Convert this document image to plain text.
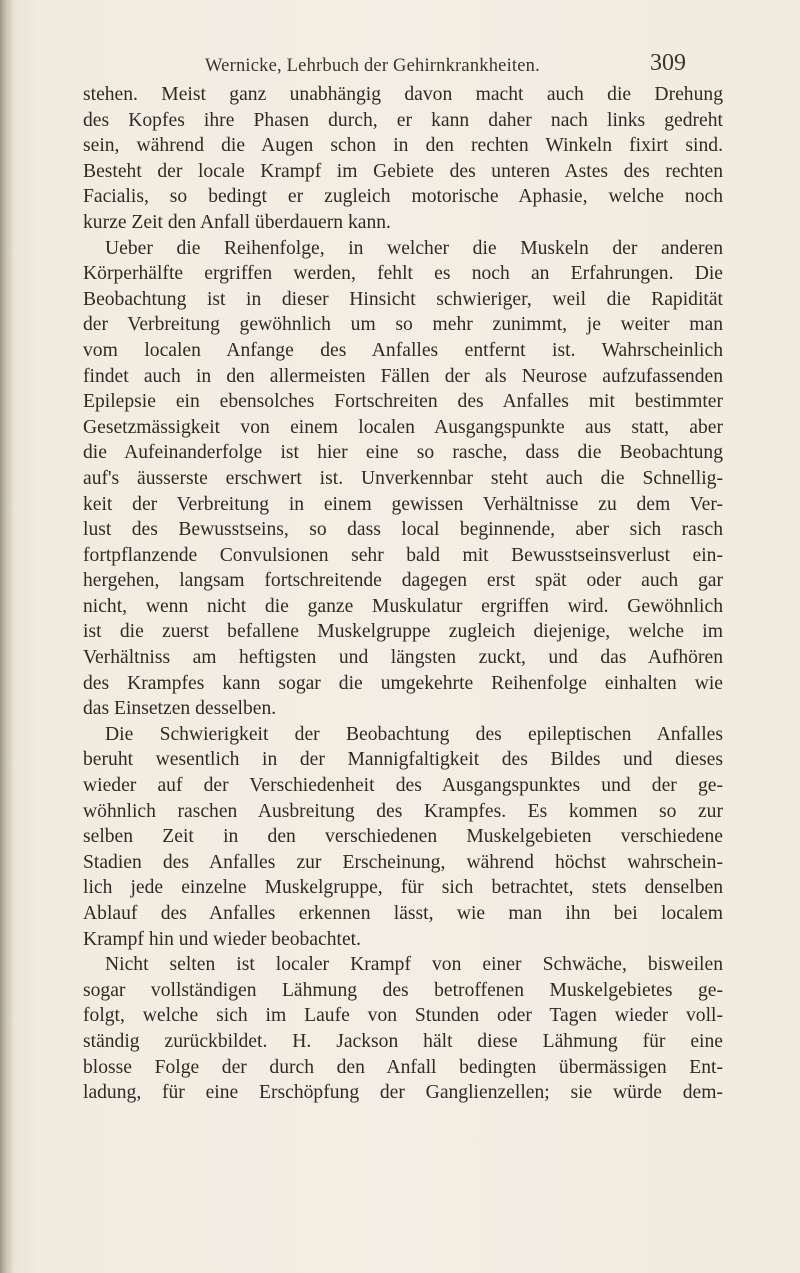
Wernicke, Lehrbuch der Gehirnkrankheiten.	309
stehen. Meist ganz unabhängig davon macht auch die Drehung
des Kopfes ihre Phasen durch, er kann daher nach links gedreht
sein, während die Augen schon in den rechten Winkeln fixirt sind.
Besteht der locale Krampf im Gebiete des unteren Astes des rechten
Facialis, so bedingt er zugleich motorische Aphasie, welche noch
kurze Zeit den Anfall überdauern kann.
Ueber die Reihenfolge, in welcher die Muskeln der anderen
Körperhälfte ergriffen werden, fehlt es noch an Erfahrungen. Die
Beobachtung ist in dieser Hinsicht schwieriger, weil die Rapidität
der Verbreitung gewöhnlich um so mehr zunimmt, je weiter man
vom localen Anfange des Anfalles entfernt ist. Wahrscheinlich
findet auch in den allermeisten Fällen der als Neurose aufzufassenden
Epilepsie ein ebensolches Fortschreiten des Anfalles mit bestimmter
Gesetzmässigkeit von einem localen Ausgangspunkte aus statt, aber
die Aufeinanderfolge ist hier eine so rasche, dass die Beobachtung
auf's äusserste erschwert ist. Unverkennbar steht auch die Schnellig-
keit der Verbreitung in einem gewissen Verhältnisse zu dem Ver-
lust des Bewusstseins, so dass local beginnende, aber sich rasch
fortpflanzende Convulsionen sehr bald mit Bewusstseinsverlust ein-
hergehen, langsam fortschreitende dagegen erst spät oder auch gar
nicht, wenn nicht die ganze Muskulatur ergriffen wird. Gewöhnlich
ist die zuerst befallene Muskelgruppe zugleich diejenige, welche im
Verhältniss am heftigsten und längsten zuckt, und das Aufhören
des Krampfes kann sogar die umgekehrte Reihenfolge einhalten wie
das Einsetzen desselben.
Die Schwierigkeit der Beobachtung des epileptischen Anfalles
beruht wesentlich in der Mannigfaltigkeit des Bildes und dieses
wieder auf der Verschiedenheit des Ausgangspunktes und der ge-
wöhnlich raschen Ausbreitung des Krampfes. Es kommen so zur
selben Zeit in den verschiedenen Muskelgebieten verschiedene
Stadien des Anfalles zur Erscheinung, während höchst wahrschein-
lich jede einzelne Muskelgruppe, für sich betrachtet, stets denselben
Ablauf des Anfalles erkennen lässt, wie man ihn bei localem
Krampf hin und wieder beobachtet.
Nicht selten ist localer Krampf von einer Schwäche, bisweilen
sogar vollständigen Lähmung des betroffenen Muskelgebietes ge-
folgt, welche sich im Laufe von Stunden oder Tagen wieder voll-
ständig zurückbildet. H. Jackson hält diese Lähmung für eine
blosse Folge der durch den Anfall bedingten übermässigen Ent-
ladung, für eine Erschöpfung der Ganglienzellen; sie würde dem-
